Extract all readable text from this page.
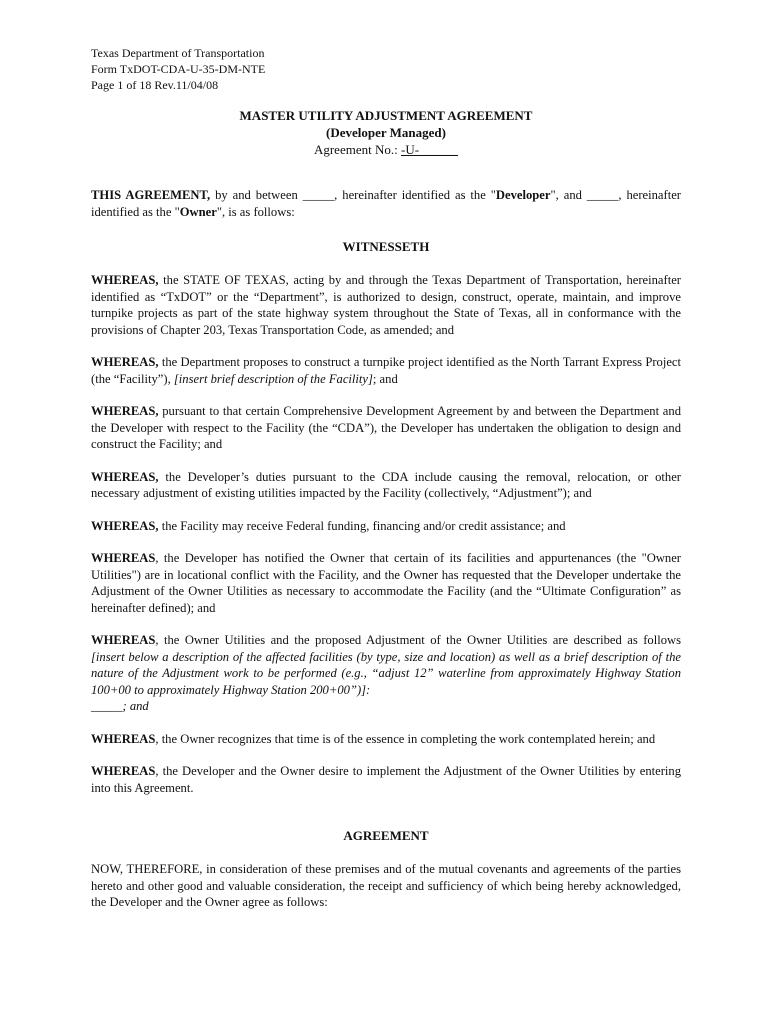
Texas Department of Transportation
Form TxDOT-CDA-U-35-DM-NTE
Page 1 of 18 Rev.11/04/08
MASTER UTILITY ADJUSTMENT AGREEMENT
(Developer Managed)
Agreement No.: -U-______

THIS AGREEMENT, by and between _____, hereinafter identified as the "Developer", and _____, hereinafter identified as the "Owner", is as follows:

WITNESSETH

WHEREAS, the STATE OF TEXAS, acting by and through the Texas Department of Transportation, hereinafter identified as “TxDOT” or the “Department”, is authorized to design, construct, operate, maintain, and improve turnpike projects as part of the state highway system throughout the State of Texas, all in conformance with the provisions of Chapter 203, Texas Transportation Code, as amended; and

WHEREAS, the Department proposes to construct a turnpike project identified as the North Tarrant Express Project (the “Facility”), [insert brief description of the Facility]; and

WHEREAS, pursuant to that certain Comprehensive Development Agreement by and between the Department and the Developer with respect to the Facility (the “CDA”), the Developer has undertaken the obligation to design and construct the Facility; and

WHEREAS, the Developer’s duties pursuant to the CDA include causing the removal, relocation, or other necessary adjustment of existing utilities impacted by the Facility (collectively, “Adjustment”); and

WHEREAS, the Facility may receive Federal funding, financing and/or credit assistance; and

WHEREAS, the Developer has notified the Owner that certain of its facilities and appurtenances (the "Owner Utilities") are in locational conflict with the Facility, and the Owner has requested that the Developer undertake the Adjustment of the Owner Utilities as necessary to accommodate the Facility (and the “Ultimate Configuration” as hereinafter defined); and

WHEREAS, the Owner Utilities and the proposed Adjustment of the Owner Utilities are described as follows [insert below a description of the affected facilities (by type, size and location) as well as a brief description of the nature of the Adjustment work to be performed (e.g., “adjust 12” waterline from approximately Highway Station 100+00 to approximately Highway Station 200+00”)]:
_____; and

WHEREAS, the Owner recognizes that time is of the essence in completing the work contemplated herein; and

WHEREAS, the Developer and the Owner desire to implement the Adjustment of the Owner Utilities by entering into this Agreement.

AGREEMENT

NOW, THEREFORE, in consideration of these premises and of the mutual covenants and agreements of the parties hereto and other good and valuable consideration, the receipt and sufficiency of which being hereby acknowledged, the Developer and the Owner agree as follows:
